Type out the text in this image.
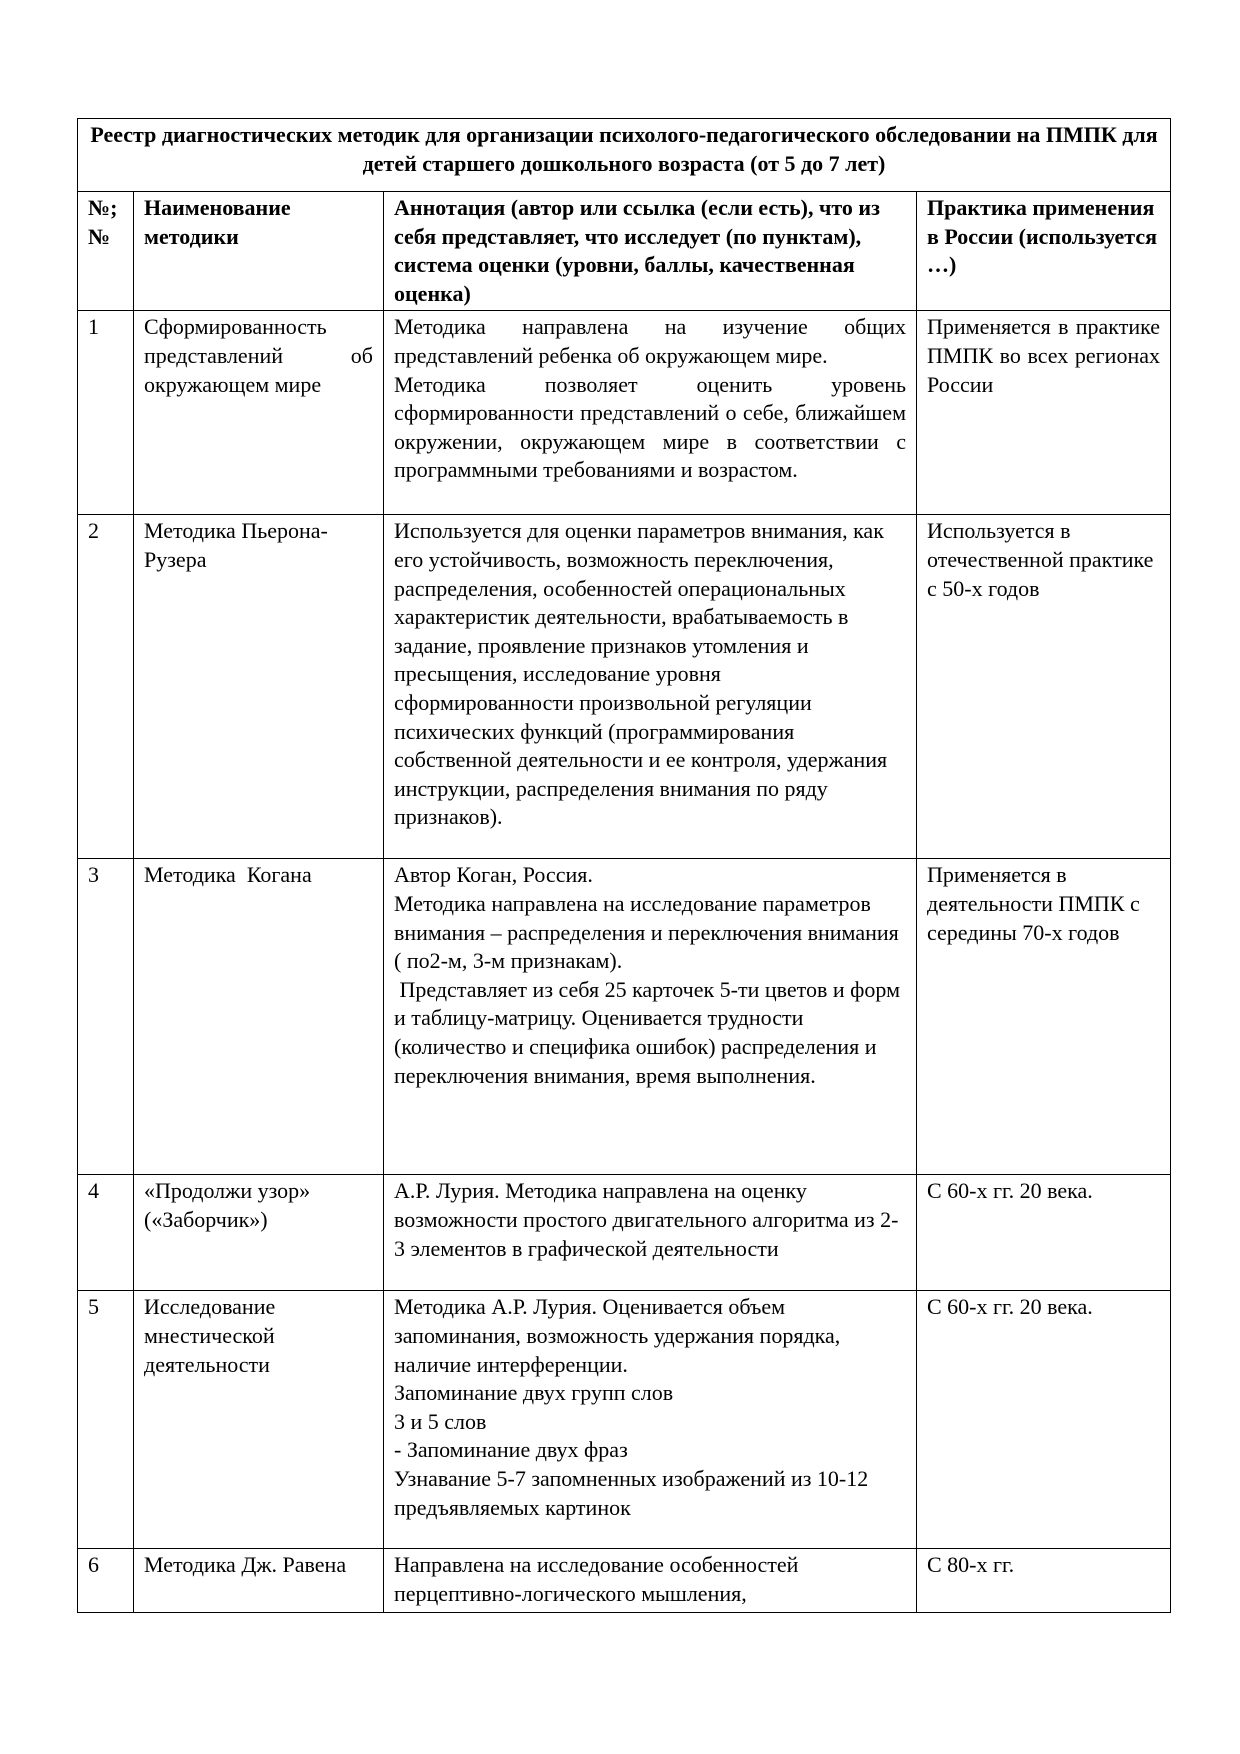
Реестр диагностических методик для организации психолого-педагогического обследовании на ПМПК для детей старшего дошкольного возраста (от 5 до 7 лет)			
№; №	Наименование методики	Аннотация (автор или ссылка (если есть), что из себя представляет, что исследует (по пунктам), система оценки (уровни, баллы, качественная оценка)	Практика применения в России (используется …)
1	Сформированность представлений об окружающем мире	Методика направлена на изучение общих представлений ребенка об окружающем мире.
Методика позволяет оценить уровень сформированности представлений о себе, ближайшем окружении, окружающем мире в соответствии с программными требованиями и возрастом.	Применяется в практике ПМПК во всех регионах России
2	Методика Пьерона-Рузера	Используется для оценки параметров внимания, как его устойчивость, возможность переключения, распределения, особенностей операциональных характеристик деятельности, врабатываемость в задание, проявление признаков утомления и пресыщения, исследование уровня сформированности произвольной регуляции психических функций (программирования собственной деятельности и ее контроля, удержания инструкции, распределения внимания по ряду признаков).	Используется в отечественной практике с 50-х годов
3	Методика  Когана	Автор Коган, Россия.
Методика направлена на исследование параметров внимания – распределения и переключения внимания ( по2-м, 3-м признакам).
Представляет из себя 25 карточек 5-ти цветов и форм и таблицу-матрицу. Оценивается трудности (количество и специфика ошибок) распределения и переключения внимания, время выполнения.	Применяется в деятельности ПМПК с середины 70-х годов
4	«Продолжи узор» («Заборчик»)	А.Р. Лурия. Методика направлена на оценку возможности простого двигательного алгоритма из 2-3 элементов в графической деятельности	С 60-х гг. 20 века.
5	Исследование мнестической деятельности	Методика А.Р. Лурия. Оценивается объем запоминания, возможность удержания порядка, наличие интерференции.
Запоминание двух групп слов
3 и 5 слов
- Запоминание двух фраз
Узнавание 5-7 запомненных изображений из 10-12 предъявляемых картинок	С 60-х гг. 20 века.
6	Методика Дж. Равена	Направлена на исследование особенностей перцептивно-логического мышления,	С 80-х гг.
